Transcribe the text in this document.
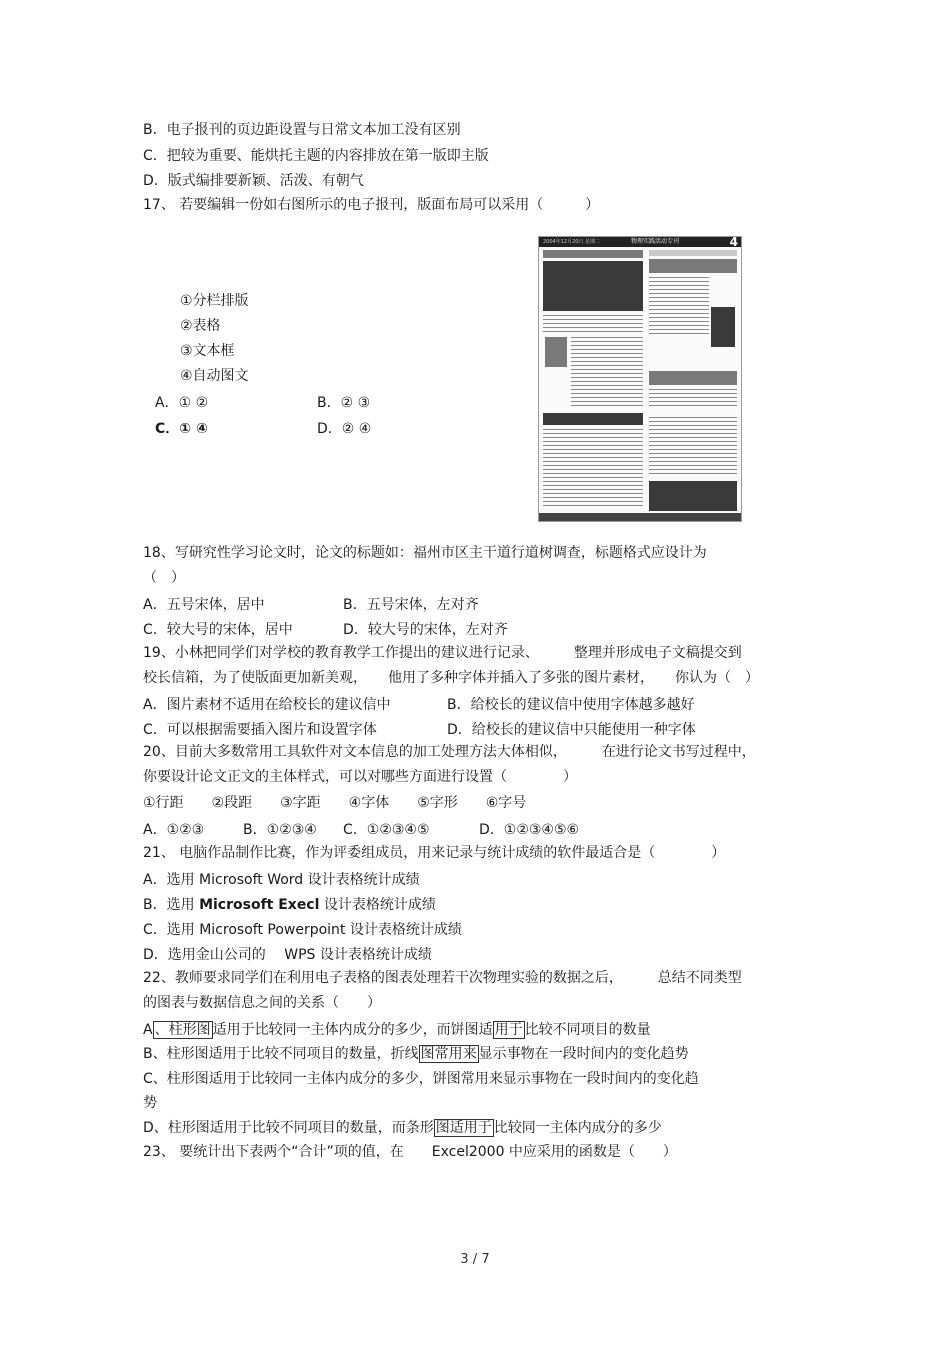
B．电子报刊的页边距设置与日常文本加工没有区别
C．把较为重要、能烘托主题的内容排放在第一版即主版
D．版式编排要新颖、活泼、有朝气
17、 若要编辑一份如右图所示的电子报刊，版面布局可以采用（　　　）
①分栏排版
②表格
③文本框
④自动图文
A．① ②	B．② ③
C．① ④	D．② ④
2004年12月20日 星期二	物理实践活动专刊	4
18、写研究性学习论文时，论文的标题如：福州市区主干道行道树调查，标题格式应设计为
（　）
A．五号宋体，居中	B．五号宋体，左对齐
C．较大号的宋体，居中	D．较大号的宋体，左对齐
19、小林把同学们对学校的教育教学工作提出的建议进行记录、　　　整理并形成电子文稿提交到
校长信箱，为了使版面更加新美观，　　他用了多种字体并插入了多张的图片素材，　　你认为（　）
A．图片素材不适用在给校长的建议信中	B．给校长的建议信中使用字体越多越好
C．可以根据需要插入图片和设置字体	D．给校长的建议信中只能使用一种字体
20、目前大多数常用工具软件对文本信息的加工处理方法大体相似，　　　在进行论文书写过程中，
你要设计论文正文的主体样式，可以对哪些方面进行设置（　　　　）
①行距　　②段距　　③字距　　④字体　　⑤字形　　⑥字号
A．①②③	B．①②③④ C．①②③④⑤	D．①②③④⑤⑥
21、 电脑作品制作比赛，作为评委组成员，用来记录与统计成绩的软件最适合是（　　　　）
A．选用 Microsoft Word 设计表格统计成绩
B．选用 Microsoft Execl 设计表格统计成绩
C．选用 Microsoft Powerpoint 设计表格统计成绩
D．选用金山公司的　 WPS 设计表格统计成绩
22、教师要求同学们在利用电子表格的图表处理若干次物理实验的数据之后，　　　总结不同类型
的图表与数据信息之间的关系（　　）
A 、柱形图 适用于比较同一主体内成分的多少，而饼图适 用于 比较不同项目的数量
B、柱形图适用于比较不同项目的数量，折线 图常用来 显示事物在一段时间内的变化趋势
C、柱形图适用于比较同一主体内成分的多少，饼图常用来显示事物在一段时间内的变化趋
势
D、柱形图适用于比较不同项目的数量，而条形 图适用于 比较同一主体内成分的多少
23、 要统计出下表两个“合计”项的值，在　　Excel2000 中应采用的函数是（　　）
3 / 7
